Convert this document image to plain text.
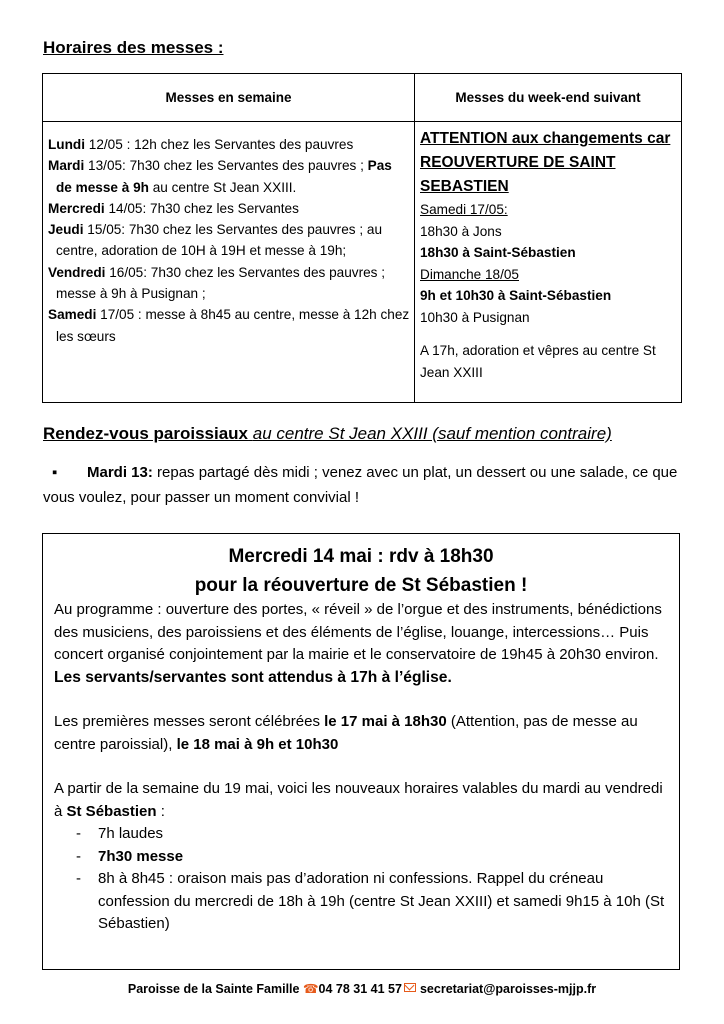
Horaires des messes :
Messes en semaine	Messes du week-end suivant
Lundi 12/05 : 12h chez les Servantes des pauvres
Mardi 13/05: 7h30 chez les Servantes des pauvres ; Pas de messe à 9h au centre St Jean XXIII.
Mercredi 14/05: 7h30 chez les Servantes
Jeudi 15/05: 7h30 chez les Servantes des pauvres ; au centre, adoration de 10H à 19H et messe à 19h;
Vendredi 16/05: 7h30 chez les Servantes des pauvres ; messe à 9h à Pusignan ;
Samedi 17/05 : messe à 8h45 au centre, messe à 12h chez les sœurs
ATTENTION aux changements car REOUVERTURE DE SAINT SEBASTIEN
Samedi 17/05:
18h30 à Jons
18h30 à Saint-Sébastien
Dimanche 18/05
9h et 10h30 à Saint-Sébastien
10h30 à Pusignan
A 17h, adoration et vêpres au centre St Jean XXIII
Rendez-vous paroissiaux au centre St Jean XXIII (sauf mention contraire)
▪ Mardi 13: repas partagé dès midi ; venez avec un plat, un dessert ou une salade, ce que vous voulez, pour passer un moment convivial !
Mercredi 14 mai : rdv à 18h30
pour la réouverture de St Sébastien !
Au programme : ouverture des portes, « réveil » de l’orgue et des instruments, bénédictions des musiciens, des paroissiens et des éléments de l’église, louange, intercessions… Puis concert organisé conjointement par la mairie et le conservatoire de 19h45 à 20h30 environ.
Les servants/servantes sont attendus à 17h à l’église.
Les premières messes seront célébrées le 17 mai à 18h30 (Attention, pas de messe au centre paroissial), le 18 mai à 9h et 10h30
A partir de la semaine du 19 mai, voici les nouveaux horaires valables du mardi au vendredi à St Sébastien :
- 7h laudes
- 7h30 messe
- 8h à 8h45 : oraison mais pas d’adoration ni confessions. Rappel du créneau confession du mercredi de 18h à 19h (centre St Jean XXIII) et samedi 9h15 à 10h (St Sébastien)
Paroisse de la Sainte Famille ☎04 78 31 41 57 secretariat@paroisses-mjjp.fr
